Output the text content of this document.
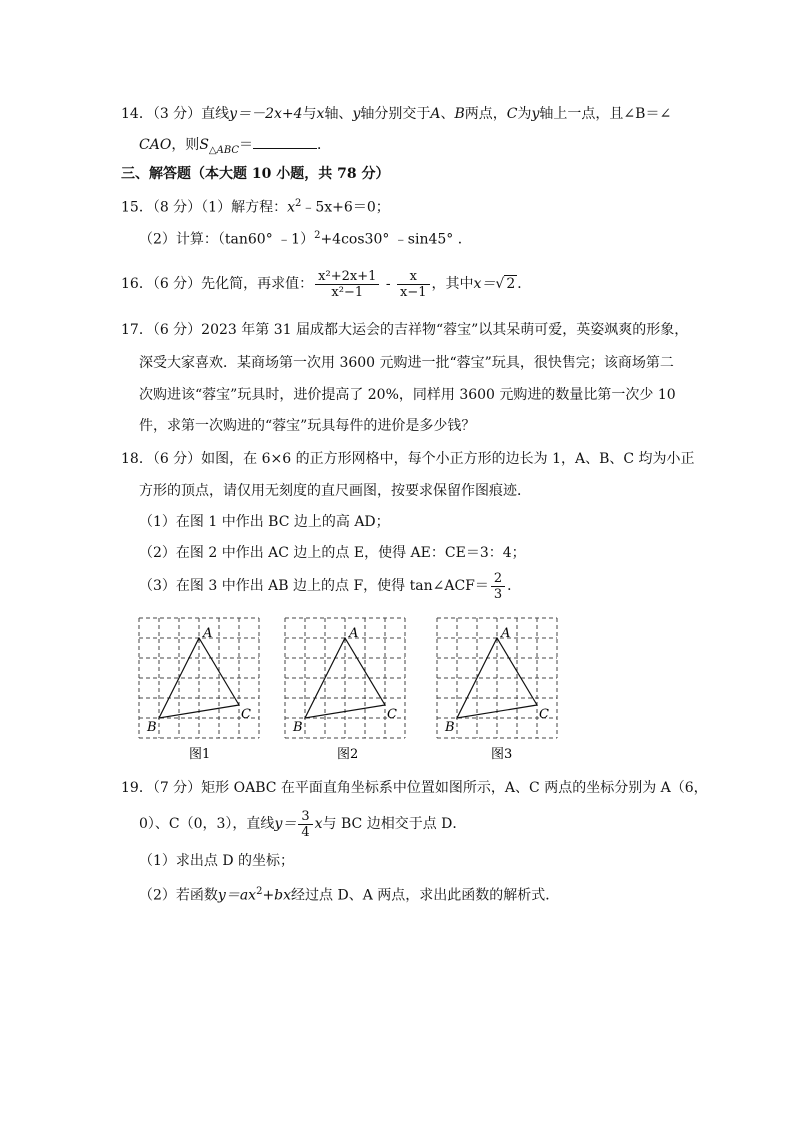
14．（3 分）直线y＝－2x+4与x轴、y轴分别交于A、B两点，C为y轴上一点，且∠B＝∠
CAO，则$S_{\triangle ABC}=$	．
三、解答题（本大题 10 小题，共 78 分）
15．（8 分）（1）解方程：$x^2﹣5x+6=0$；
（2）计算：（tan60° ﹣1）$^2$+4cos30° ﹣sin45° ．
16．（6 分）先化简，再求值： $\frac{\text{x²+2x+1}}{\text{x²−1}} - \frac{x}{x-1}$ ，其中x＝√ 2 ．
17．（6 分）2023 年第 31 届成都大运会的吉祥物“蓉宝”以其呆萌可爱，英姿飒爽的形象，
深受大家喜欢．某商场第一次用 3600 元购进一批“蓉宝”玩具，很快售完；该商场第二
次购进该“蓉宝”玩具时，进价提高了 20%，同样用 3600 元购进的数量比第一次少 10
件，求第一次购进的“蓉宝”玩具每件的进价是多少钱？
18．（6 分）如图，在 6×6 的正方形网格中，每个小正方形的边长为 1，A、B、C 均为小正
方形的顶点，请仅用无刻度的直尺画图，按要求保留作图痕迹．
（1）在图 1 中作出 BC 边上的高 AD；
（2）在图 2 中作出 AC 边上的点 E，使得 AE：CE＝3：4；
（3）在图 3 中作出 AB 边上的点 F，使得 tan∠ACF＝ $\frac{2}{3}$ ．
A
B
C
图1
A
B
C
图2
A
B
C
图3
19．（7 分）矩形 OABC 在平面直角坐标系中位置如图所示，A、C 两点的坐标分别为 A（6，
0）、C（0，3），直线$y= \frac{3}{4}$ x与 BC 边相交于点 D．
（1）求出点 D 的坐标；
（2）若函数$y=ax^2+bx$经过点 D、A 两点，求出此函数的解析式．
